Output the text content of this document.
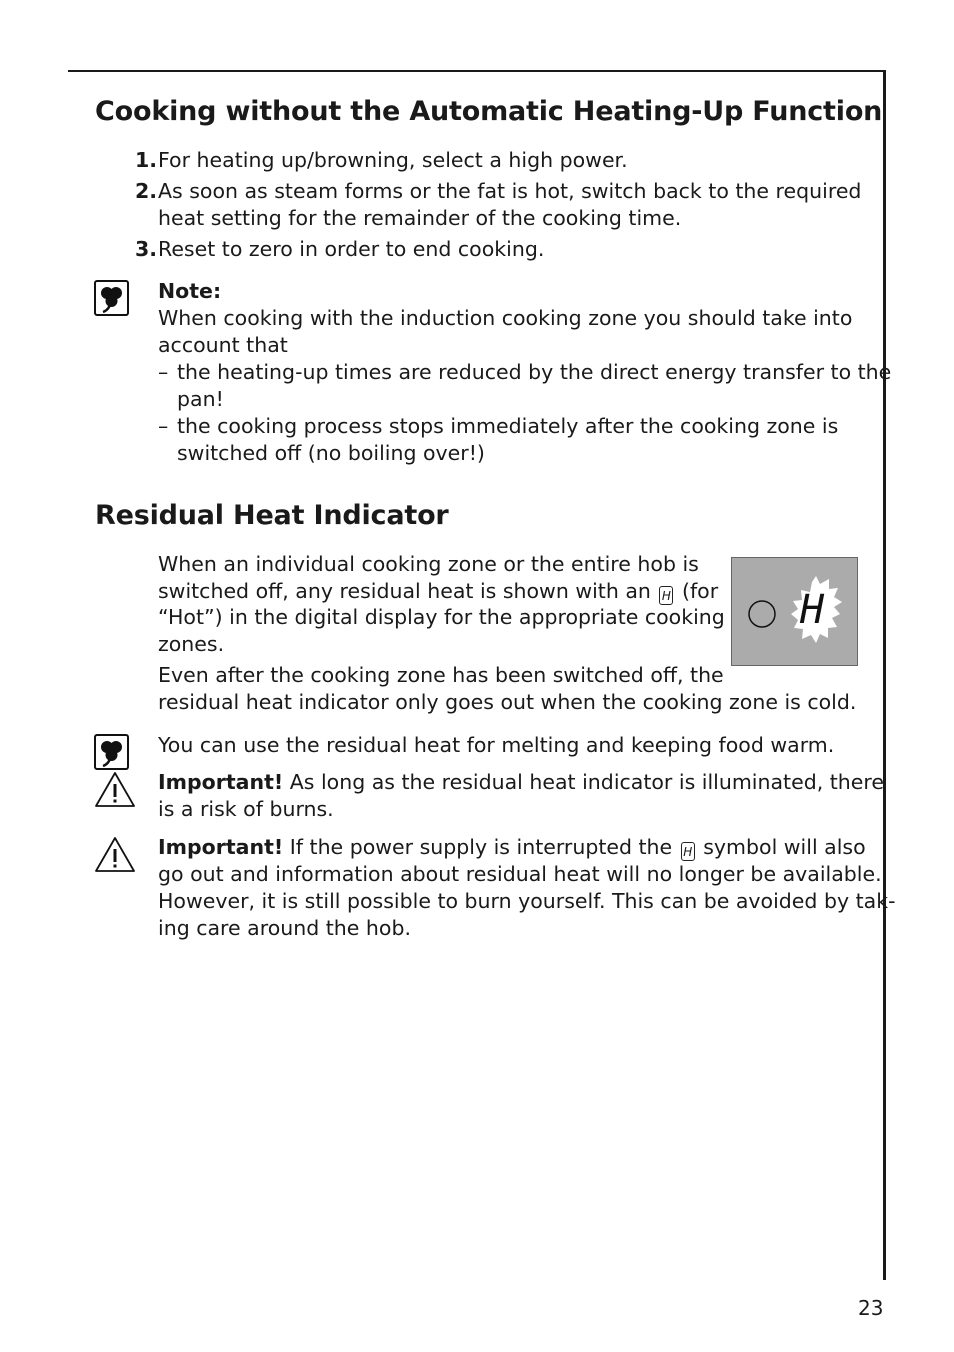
Cooking without the Automatic Heating-Up Function
1. For heating up/browning, select a high power.
2. As soon as steam forms or the fat is hot, switch back to the required
heat setting for the remainder of the cooking time.
3. Reset to zero in order to end cooking.
Note:
When cooking with the induction cooking zone you should take into
account that
– the heating-up times are reduced by the direct energy transfer to the
pan!
– the cooking process stops immediately after the cooking zone is
switched off (no boiling over!)
Residual Heat Indicator
When an individual cooking zone or the entire hob is
switched off, any residual heat is shown with an H (for
“Hot”) in the digital display for the appropriate cooking
zones.
Even after the cooking zone has been switched off, the
residual heat indicator only goes out when the cooking zone is cold.
H
You can use the residual heat for melting and keeping food warm.
Important! As long as the residual heat indicator is illuminated, there
is a risk of burns.
Important! If the power supply is interrupted the H symbol will also
go out and information about residual heat will no longer be available.
However, it is still possible to burn yourself. This can be avoided by tak-
ing care around the hob.
23
